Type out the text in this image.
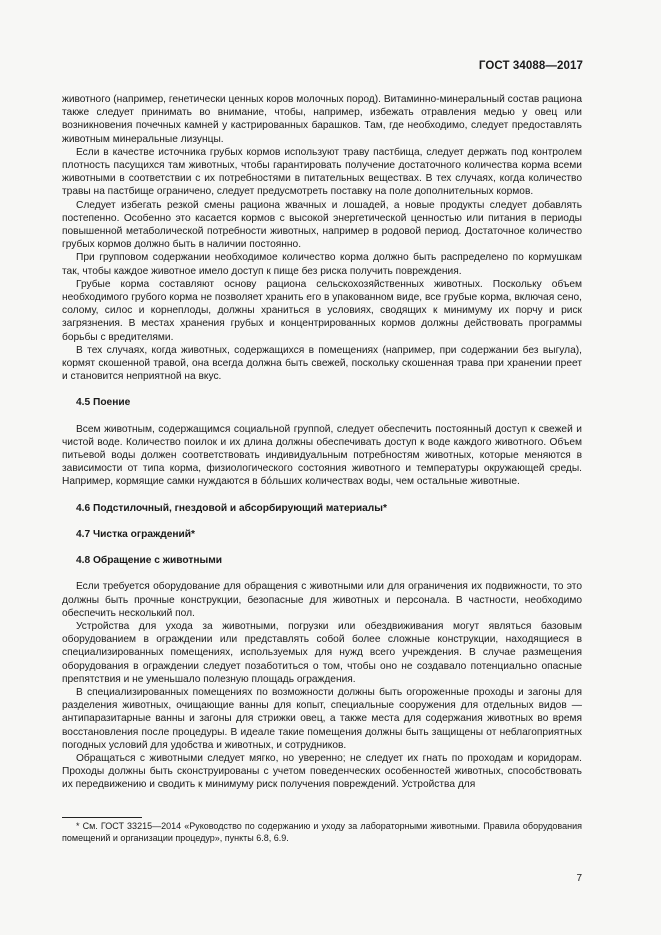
ГОСТ 34088—2017

животного (например, генетически ценных коров молочных пород). Витаминно-минеральный состав рациона также следует принимать во внимание, чтобы, например, избежать отравления медью у овец или возникновения почечных камней у кастрированных барашков. Там, где необходимо, следует предоставлять животным минеральные лизунцы.

Если в качестве источника грубых кормов используют траву пастбища, следует держать под контролем плотность пасущихся там животных, чтобы гарантировать получение достаточного количества корма всеми животными в соответствии с их потребностями в питательных веществах. В тех случаях, когда количество травы на пастбище ограничено, следует предусмотреть поставку на поле дополнительных кормов.

Следует избегать резкой смены рациона жвачных и лошадей, а новые продукты следует добавлять постепенно. Особенно это касается кормов с высокой энергетической ценностью или питания в периоды повышенной метаболической потребности животных, например в родовой период. Достаточное количество грубых кормов должно быть в наличии постоянно.

При групповом содержании необходимое количество корма должно быть распределено по кормушкам так, чтобы каждое животное имело доступ к пище без риска получить повреждения.

Грубые корма составляют основу рациона сельскохозяйственных животных. Поскольку объем необходимого грубого корма не позволяет хранить его в упакованном виде, все грубые корма, включая сено, солому, силос и корнеплоды, должны храниться в условиях, сводящих к минимуму их порчу и риск загрязнения. В местах хранения грубых и концентрированных кормов должны действовать программы борьбы с вредителями.

В тех случаях, когда животных, содержащихся в помещениях (например, при содержании без выгула), кормят скошенной травой, она всегда должна быть свежей, поскольку скошенная трава при хранении преет и становится неприятной на вкус.

4.5 Поение

Всем животным, содержащимся социальной группой, следует обеспечить постоянный доступ к свежей и чистой воде. Количество поилок и их длина должны обеспечивать доступ к воде каждого животного. Объем питьевой воды должен соответствовать индивидуальным потребностям животных, которые меняются в зависимости от типа корма, физиологического состояния животного и температуры окружающей среды. Например, кормящие самки нуждаются в бо́льших количествах воды, чем остальные животные.

4.6 Подстилочный, гнездовой и абсорбирующий материалы*
4.7 Чистка ограждений*
4.8 Обращение с животными

Если требуется оборудование для обращения с животными или для ограничения их подвижности, то это должны быть прочные конструкции, безопасные для животных и персонала. В частности, необходимо обеспечить несколький пол.

Устройства для ухода за животными, погрузки или обездвиживания могут являться базовым оборудованием в ограждении или представлять собой более сложные конструкции, находящиеся в специализированных помещениях, используемых для нужд всего учреждения. В случае размещения оборудования в ограждении следует позаботиться о том, чтобы оно не создавало потенциально опасные препятствия и не уменьшало полезную площадь ограждения.

В специализированных помещениях по возможности должны быть огороженные проходы и загоны для разделения животных, очищающие ванны для копыт, специальные сооружения для отдельных видов — антипаразитарные ванны и загоны для стрижки овец, а также места для содержания животных во время восстановления после процедуры. В идеале такие помещения должны быть защищены от неблагоприятных погодных условий для удобства и животных, и сотрудников.

Обращаться с животными следует мягко, но уверенно; не следует их гнать по проходам и коридорам. Проходы должны быть сконструированы с учетом поведенческих особенностей животных, способствовать их передвижению и сводить к минимуму риск получения повреждений. Устройства для

* См. ГОСТ 33215—2014 «Руководство по содержанию и уходу за лабораторными животными. Правила оборудования помещений и организации процедур», пункты 6.8, 6.9.
7
